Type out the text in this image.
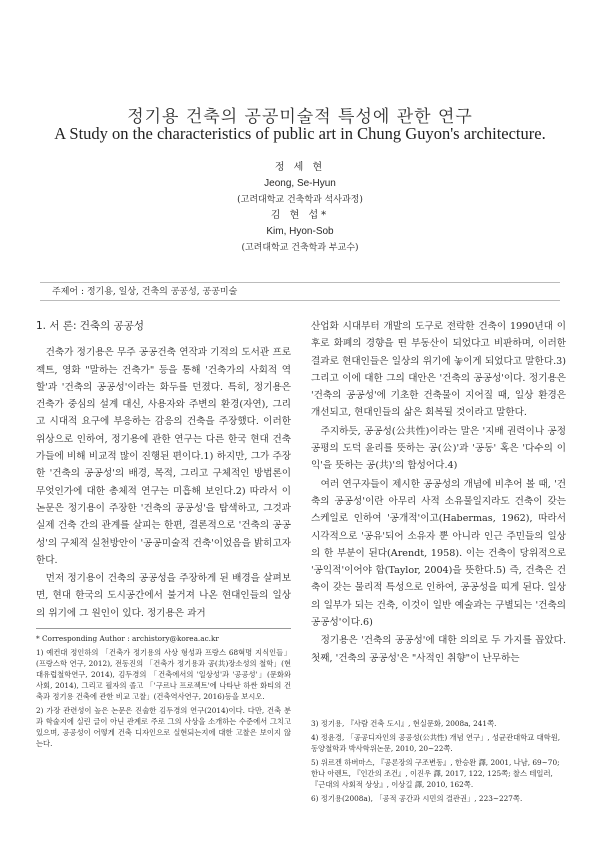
정기용 건축의 공공미술적 특성에 관한 연구
A Study on the characteristics of public art in Chung Guyon's architecture.
정 세 현
Jeong, Se-Hyun
(고려대학교 건축학과 석사과정)
김 현 섭*
Kim, Hyon-Sob
(고려대학교 건축학과 부교수)
주제어 : 정기용, 일상, 건축의 공공성, 공공미술
1. 서 론: 건축의 공공성

건축가 정기용은 무주 공공건축 연작과 기적의 도서관 프로젝트, 영화 "말하는 건축가" 등을 통해 '건축가의 사회적 역할'과 '건축의 공공성'이라는 화두를 던졌다. 특히, 정기용은 건축가 중심의 설계 대신, 사용자와 주변의 환경(자연), 그리고 시대적 요구에 부응하는 감응의 건축을 주장했다. 이러한 위상으로 인하여, 정기용에 관한 연구는 다른 한국 현대 건축가들에 비해 비교적 많이 진행된 편이다.1) 하지만, 그가 주장한 '건축의 공공성'의 배경, 목적, 그리고 구체적인 방법론이 무엇인가에 대한 총체적 연구는 미흡해 보인다.2) 따라서 이 논문은 정기용이 주장한 '건축의 공공성'을 탐색하고, 그것과 실제 건축 간의 관계를 살피는 한편, 결론적으로 '건축의 공공성'의 구체적 실천방안이 '공공미술적 건축'이었음을 밝히고자 한다.

먼저 정기용이 건축의 공공성을 주장하게 된 배경을 살펴보면, 현대 한국의 도시공간에서 불거져 나온 현대인들의 일상의 위기에 그 원인이 있다. 정기용은 과거

* Corresponding Author : archistory@korea.ac.kr
1) 예컨대 정인하의 「건축가 정기용의 사상 형성과 프랑스 68혁명 지식인들」(프랑스학 연구, 2012), 전동진의 「건축가 정기용과 공(共)장소성의 철학」(현대유럽철학연구, 2014), 김두경의 「건축에서의 '일상성'과 '공공성'」(문화와 사회, 2014), 그리고 필자의 졸고 「'구르나 프로젝트'에 나타난 하싼 화티의 건축과 정기용 건축에 관한 비교 고찰」(건축역사연구, 2016)등을 보시오.
2) 가장 관련성이 높은 논문은 진술한 김두경의 연구(2014)이다. 다만, 건축 분과 학술지에 실린 글이 아닌 관계로 주로 그의 사상을 소개하는 수준에서 그치고 있으며, 공공성이 어떻게 건축 디자인으로 실현되는지에 대한 고찰은 보이지 않는다.

산업화 시대부터 개발의 도구로 전락한 건축이 1990년대 이후로 화폐의 경향을 띤 부동산이 되었다고 비판하며, 이러한 결과로 현대인들은 일상의 위기에 놓이게 되었다고 말한다.3) 그리고 이에 대한 그의 대안은 '건축의 공공성'이다. 정기용은 '건축의 공공성'에 기초한 건축물이 지어질 때, 일상 환경은 개선되고, 현대인들의 삶은 회복될 것이라고 말한다.

주지하듯, 공공성(公共性)이라는 말은 '지배 권력이나 공정 공평의 도덕 윤리를 뜻하는 공(公)'과 '공동' 혹은 '다수의 이익'을 뜻하는 공(共)'의 합성어다.4)

여러 연구자들이 제시한 공공성의 개념에 비추어 볼 때, '건축의 공공성'이란 아무리 사적 소유물일지라도 건축이 갖는 스케일로 인하여 '공개적'이고(Habermas, 1962), 따라서 시각적으로 '공유'되어 소유자 뿐 아니라 인근 주민들의 일상의 한 부분이 된다(Arendt, 1958). 이는 건축이 당위적으로 '공익적'이어야 함(Taylor, 2004)을 뜻한다.5) 즉, 건축은 건축이 갖는 물리적 특성으로 인하여, 공공성을 띠게 된다. 일상의 일부가 되는 건축, 이것이 일반 예술과는 구별되는 '건축의 공공성'이다.6)

정기용은 '건축의 공공성'에 대한 의의로 두 가지를 꼽았다. 첫째, '건축의 공공성'은 "사적인 취향"이 난무하는

3) 정기용, 『사람 건축 도시』, 현실문화, 2008a, 241쪽.
4) 정윤경, 「공공디자인의 공공성(公共性) 개념 연구」, 성균관대학교 대학원, 동양철학과 박사학위논문, 2010, 20~22쪽.
5) 위르겐 하버마스, 『공론장의 구조변동』, 한승완 譯, 2001, 나남, 69~70; 한나 아렌트, 『인간의 조건』, 이진우 譯, 2017, 122, 125쪽; 찰스 테일러, 『근대의 사회적 상상』, 이상길 譯, 2010, 162쪽.
6) 정기용(2008a), 「공적 공간과 시민의 결관권」, 223~227쪽.
